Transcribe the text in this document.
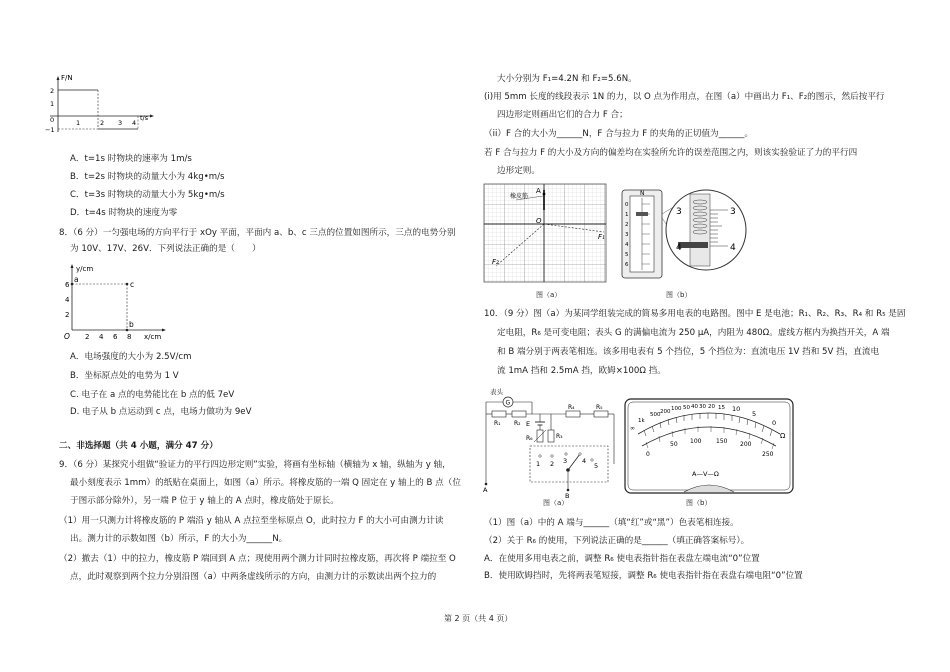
F/N
t/s
2
1
0
−1
1	2 3 4
A．t=1s 时物块的速率为 1m/s
B．t=2s 时物块的动量大小为 4kg•m/s
C．t=3s 时物块的动量大小为 5kg•m/s
D．t=4s 时物块的速度为零
8．（6 分）一匀强电场的方向平行于 xOy 平面，平面内 a、b、c 三点的位置如图所示，三点的电势分别
为 10V、17V、26V．下列说法正确的是（　　）
y/cm
x/cm
a
c
b
O
6
4
2
2 4 6 8
A．电场强度的大小为 2.5V/cm
B．坐标原点处的电势为 1 V
C. 电子在 a 点的电势能比在 b 点的低 7eV
D. 电子从 b 点运动到 c 点，电场力做功为 9eV
二、非选择题（共 4 小题，满分 47 分）
9．（6 分）某探究小组做“验证力的平行四边形定则”实验，将画有坐标轴（横轴为 x 轴，纵轴为 y 轴，
最小刻度表示 1mm）的纸贴在桌面上，如图（a）所示。将橡皮筋的一端 Q 固定在 y 轴上的 B 点（位
于图示部分除外），另一端 P 位于 y 轴上的 A 点时，橡皮筋处于原长。
（1）用一只测力计将橡皮筋的 P 端沿 y 轴从 A 点拉至坐标原点 O，此时拉力 F 的大小可由测力计读
出。测力计的示数如图（b）所示，F 的大小为______N。
（2）撤去（1）中的拉力，橡皮筋 P 端回到 A 点；现使用两个测力计同时拉橡皮筋，再次将 P 端拉至 O
点，此时观察到两个拉力分别沿图（a）中两条虚线所示的方向，由测力计的示数读出两个拉力的
大小分别为 F₁=4.2N 和 F₂=5.6N。
(i)用 5mm 长度的线段表示 1N 的力，以 O 点为作用点，在图（a）中画出力 F₁、F₂的图示，然后按平行
四边形定则画出它们的合力 F 合；
（ii）F 合的大小为______N，F 合与拉力 F 的夹角的正切值为______。
若 F 合与拉力 F 的大小及方向的偏差均在实验所允许的误差范围之内，则该实验验证了力的平行四
边形定则。
A
橡皮筋
O
F₁
F₂
图（a）
N
0
1
2
3
4
5
6
3
4
3
4
图（b）
10．（9 分）图（a）为某同学组装完成的简易多用电表的电路图。图中 E 是电池；R₁、R₂、R₃、R₄ 和 R₅ 是固
定电阻，R₆ 是可变电阻；表头 G 的满偏电流为 250 μA，内阻为 480Ω。虚线方框内为换挡开关，A 端
和 B 端分别于两表笔相连。该多用电表有 5 个挡位，5 个挡位为：直流电压 1V 挡和 5V 挡，直流电
流 1mA 挡和 2.5mA 挡，欧姆×100Ω 挡。
表头
G
R₁ R₂
R₄	R₅
E
R₆	R₃
1 2 3 4
5
B
A
图（a）
∞
1k
500 200 100 50 40 30 20 15 10
5
0
Ω
0
50 100 150 200
250
A—V—Ω
图（b）
（1）图（a）中的 A 端与______（填“红”或“黑”）色表笔相连接。
（2）关于 R₆ 的使用，下列说法正确的是______（填正确答案标号）。
A．在使用多用电表之前，调整 R₆ 使电表指针指在表盘左端电流“0”位置
B．使用欧姆挡时，先将两表笔短接，调整 R₆ 使电表指针指在表盘右端电阻“0”位置
第 2 页（共 4 页）
